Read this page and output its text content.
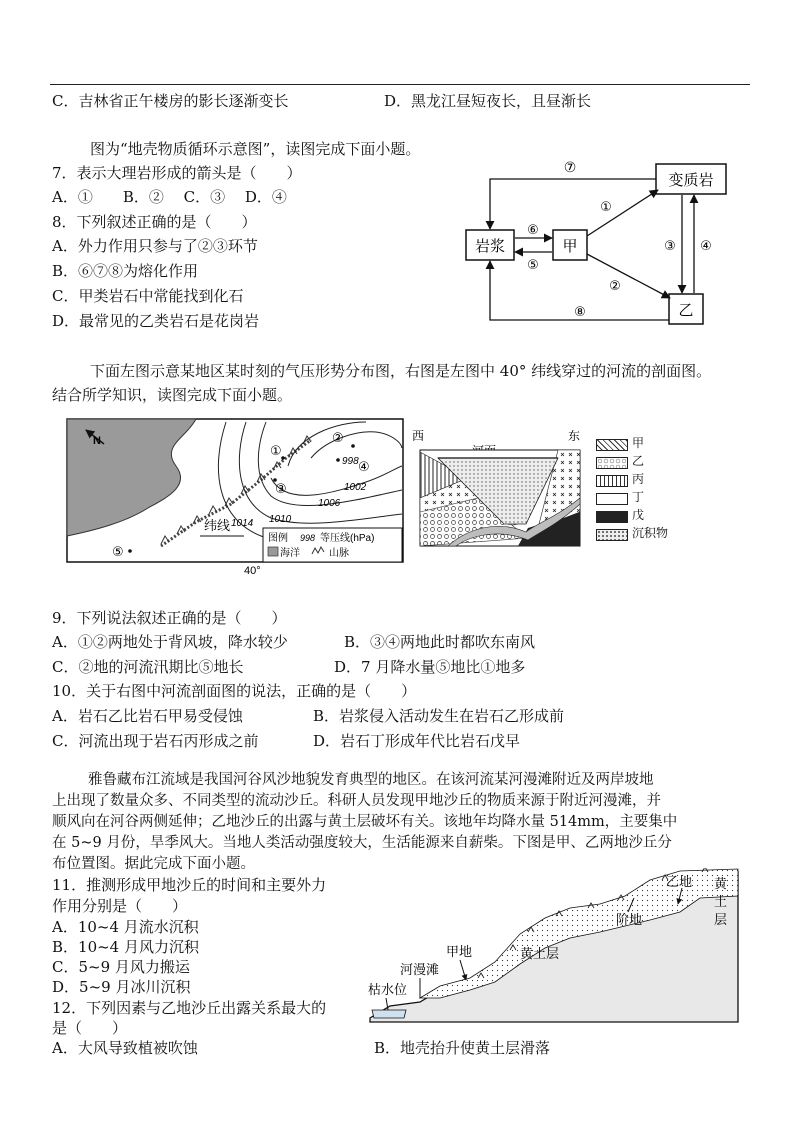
C．吉林省正午楼房的影长逐渐变长	D．黑龙江昼短夜长，且昼渐长
图为“地壳物质循环示意图”，读图完成下面小题。
7．表示大理岩形成的箭头是（　　）
A．①　　B．②　 C．③　 D．④
8．下列叙述正确的是（　　）
A．外力作用只参与了②③环节
B．⑥⑦⑧为熔化作用
C．甲类岩石中常能找到化石
D．最常见的乙类岩石是花岗岩
岩浆	甲
变质岩
乙
⑦
⑥
⑤
①
②
③ ④
⑧
下面左图示意某地区某时刻的气压形势分布图，右图是左图中 40° 纬线穿过的河流的剖面图。
结合所学知识，读图完成下面小题。
N
998
1002
1006
1010
1014
①
②
③
④
⑤
纬线
40°
图例 998 等压线(hPa)
海洋	山脉
西	东	甲
乙
丙
丁
戊
沉积物
9．下列说法叙述正确的是（　　）
A．①②两地处于背风坡，降水较少	B．③④两地此时都吹东南风
C．②地的河流汛期比⑤地长	D．7 月降水量⑤地比①地多
10．关于右图中河流剖面图的说法，正确的是（　　）
A．岩石乙比岩石甲易受侵蚀	B．岩浆侵入活动发生在岩石乙形成前
C．河流出现于岩石丙形成之前	D．岩石丁形成年代比岩石戊早
雅鲁藏布江流域是我国河谷风沙地貌发育典型的地区。在该河流某河漫滩附近及两岸坡地
上出现了数量众多、不同类型的流动沙丘。科研人员发现甲地沙丘的物质来源于附近河漫滩，并
顺风向在河谷两侧延伸；乙地沙丘的出露与黄土层破坏有关。该地年均降水量 514mm，主要集中
在 5~9 月份，旱季风大。当地人类活动强度较大，生活能源来自薪柴。下图是甲、乙两地沙丘分
布位置图。据此完成下面小题。
11．推测形成甲地沙丘的时间和主要外力
作用分别是（　　）
A．10~4 月流水沉积
B．10~4 月风力沉积
C．5~9 月风力搬运
D．5~9 月冰川沉积
12．下列因素与乙地沙丘出露关系最大的
是（　　）
A．大风导致植被吹蚀	B．地壳抬升使黄土层滑落
乙地 黄
土
层
阶地
黄土层
甲地
河漫滩
枯水位
